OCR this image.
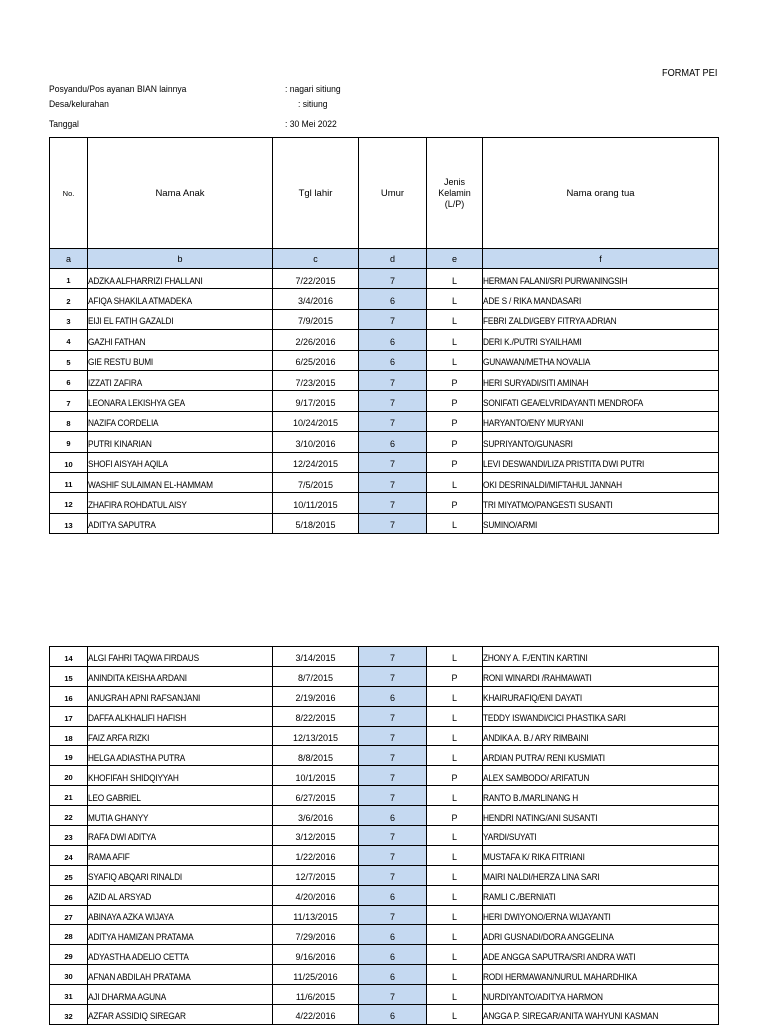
FORMAT PEI
Posyandu/Pos ayanan BIAN lainnya	: nagari sitiung
Desa/kelurahan	: sitiung
Tanggal	: 30 Mei 2022
No.	Nama Anak	Tgl lahir	Umur	Jenis Kelamin (L/P)	Nama orang tua
a	b	c	d	e	f
1	ADZKA ALFHARRIZI FHALLANI	7/22/2015	7	L	HERMAN FALANI/SRI PURWANINGSIH
2	AFIQA SHAKILA ATMADEKA	3/4/2016	6	L	ADE S / RIKA MANDASARI
3	EIJI EL FATIH GAZALDI	7/9/2015	7	L	FEBRI ZALDI/GEBY FITRYA ADRIAN
4	GAZHI FATHAN	2/26/2016	6	L	DERI K./PUTRI SYAILHAMI
5	GIE RESTU BUMI	6/25/2016	6	L	GUNAWAN/METHA NOVALIA
6	IZZATI ZAFIRA	7/23/2015	7	P	HERI SURYADI/SITI AMINAH
7	LEONARA LEKISHYA GEA	9/17/2015	7	P	SONIFATI GEA/ELVRIDAYANTI MENDROFA
8	NAZIFA CORDELIA	10/24/2015	7	P	HARYANTO/ENY MURYANI
9	PUTRI KINARIAN	3/10/2016	6	P	SUPRIYANTO/GUNASRI
10	SHOFI AISYAH AQILA	12/24/2015	7	P	LEVI DESWANDI/LIZA PRISTITA DWI PUTRI
11	WASHIF SULAIMAN EL-HAMMAM	7/5/2015	7	L	OKI DESRINALDI/MIFTAHUL JANNAH
12	ZHAFIRA ROHDATUL AISY	10/11/2015	7	P	TRI MIYATMO/PANGESTI SUSANTI
13	ADITYA SAPUTRA	5/18/2015	7	L	SUMINO/ARMI
14	ALGI FAHRI TAQWA FIRDAUS	3/14/2015	7	L	ZHONY A. F./ENTIN KARTINI
15	ANINDITA KEISHA ARDANI	8/7/2015	7	P	RONI WINARDI /RAHMAWATI
16	ANUGRAH APNI RAFSANJANI	2/19/2016	6	L	KHAIRURAFIQ/ENI DAYATI
17	DAFFA ALKHALIFI HAFISH	8/22/2015	7	L	TEDDY ISWANDI/CICI PHASTIKA SARI
18	FAIZ ARFA RIZKI	12/13/2015	7	L	ANDIKA A. B./ ARY RIMBAINI
19	HELGA ADIASTHA PUTRA	8/8/2015	7	L	ARDIAN PUTRA/ RENI KUSMIATI
20	KHOFIFAH SHIDQIYYAH	10/1/2015	7	P	ALEX SAMBODO/ ARIFATUN
21	LEO GABRIEL	6/27/2015	7	L	RANTO B./MARLINANG H
22	MUTIA GHANYY	3/6/2016	6	P	HENDRI NATING/ANI SUSANTI
23	RAFA DWI ADITYA	3/12/2015	7	L	YARDI/SUYATI
24	RAMA AFIF	1/22/2016	7	L	MUSTAFA K/ RIKA FITRIANI
25	SYAFIQ ABQARI RINALDI	12/7/2015	7	L	MAIRI NALDI/HERZA LINA SARI
26	AZID AL ARSYAD	4/20/2016	6	L	RAMLI C./BERNIATI
27	ABINAYA AZKA WIJAYA	11/13/2015	7	L	HERI DWIYONO/ERNA WIJAYANTI
28	ADITYA HAMIZAN PRATAMA	7/29/2016	6	L	ADRI GUSNADI/DORA ANGGELINA
29	ADYASTHA ADELIO CETTA	9/16/2016	6	L	ADE ANGGA SAPUTRA/SRI ANDRA WATI
30	AFNAN ABDILAH PRATAMA	11/25/2016	6	L	RODI HERMAWAN/NURUL MAHARDHIKA
31	AJI DHARMA AGUNA	11/6/2015	7	L	NURDIYANTO/ADITYA HARMON
32	AZFAR ASSIDIQ SIREGAR	4/22/2016	6	L	ANGGA P. SIREGAR/ANITA WAHYUNI KASMAN
